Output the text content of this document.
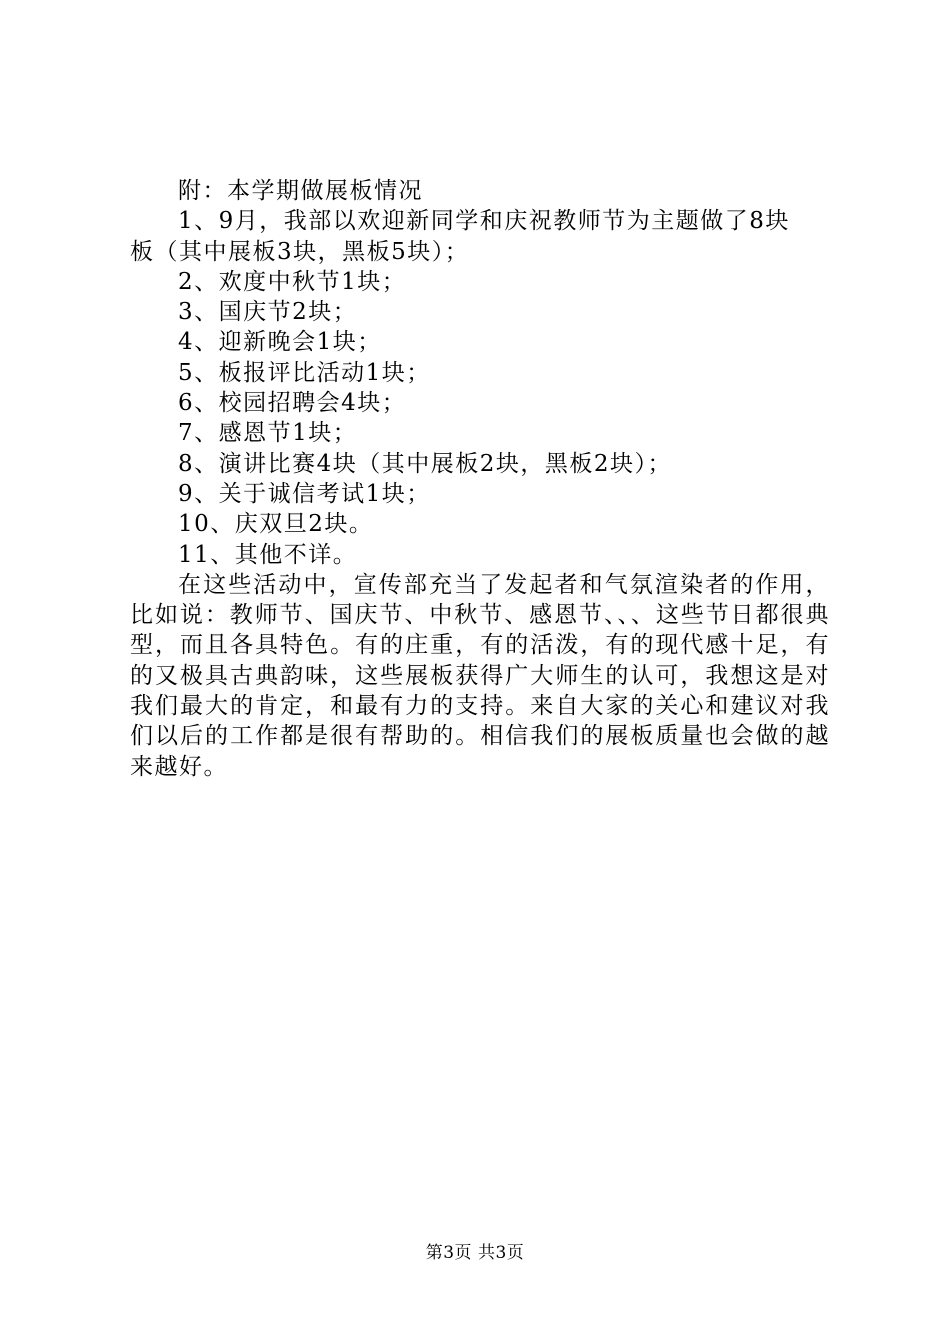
附：本学期做展板情况

1、9月，我部以欢迎新同学和庆祝教师节为主题做了8块

板（其中展板3块，黑板5块）；

2、欢度中秋节1块；

3、国庆节2块；

4、迎新晚会1块；

5、板报评比活动1块；

6、校园招聘会4块；

7、感恩节1块；

8、演讲比赛4块（其中展板2块，黑板2块）；

9、关于诚信考试1块；

10、庆双旦2块。

11、其他不详。

在这些活动中，宣传部充当了发起者和气氛渲染者的作用，比如说：教师节、国庆节、中秋节、感恩节、、、这些节日都很典型，而且各具特色。有的庄重，有的活泼，有的现代感十足，有的又极具古典韵味，这些展板获得广大师生的认可，我想这是对我们最大的肯定，和最有力的支持。来自大家的关心和建议对我们以后的工作都是很有帮助的。相信我们的展板质量也会做的越来越好。

第3页 共3页
